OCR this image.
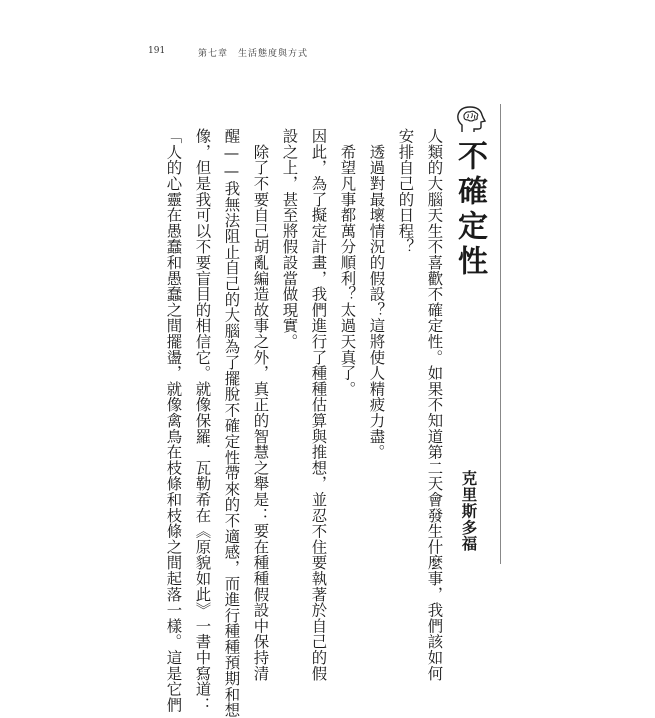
191	第七章　生活態度與方式
不確定性
克里斯多福
人類的大腦天生不喜歡不確定性。如果不知道第二天會發生什麼事，我們該如何
安排自己的日程？
　透過對最壞情況的假設？這將使人精疲力盡。
　希望凡事都萬分順利？太過天真了。
因此，為了擬定計畫，我們進行了種種估算與推想，並忍不住要執著於自己的假
設之上，甚至將假設當做現實。
　除了不要自己胡亂編造故事之外，真正的智慧之舉是：要在種種假設中保持清
醒——我無法阻止自己的大腦為了擺脫不確定性帶來的不適感，而進行種種預期和想
像，但是我可以不要盲目的相信它。就像保羅．瓦勒希在《原貌如此》一書中寫道：
「人的心靈在愚蠢和愚蠢之間擺盪，就像禽鳥在枝條和枝條之間起落一樣。這是它們
